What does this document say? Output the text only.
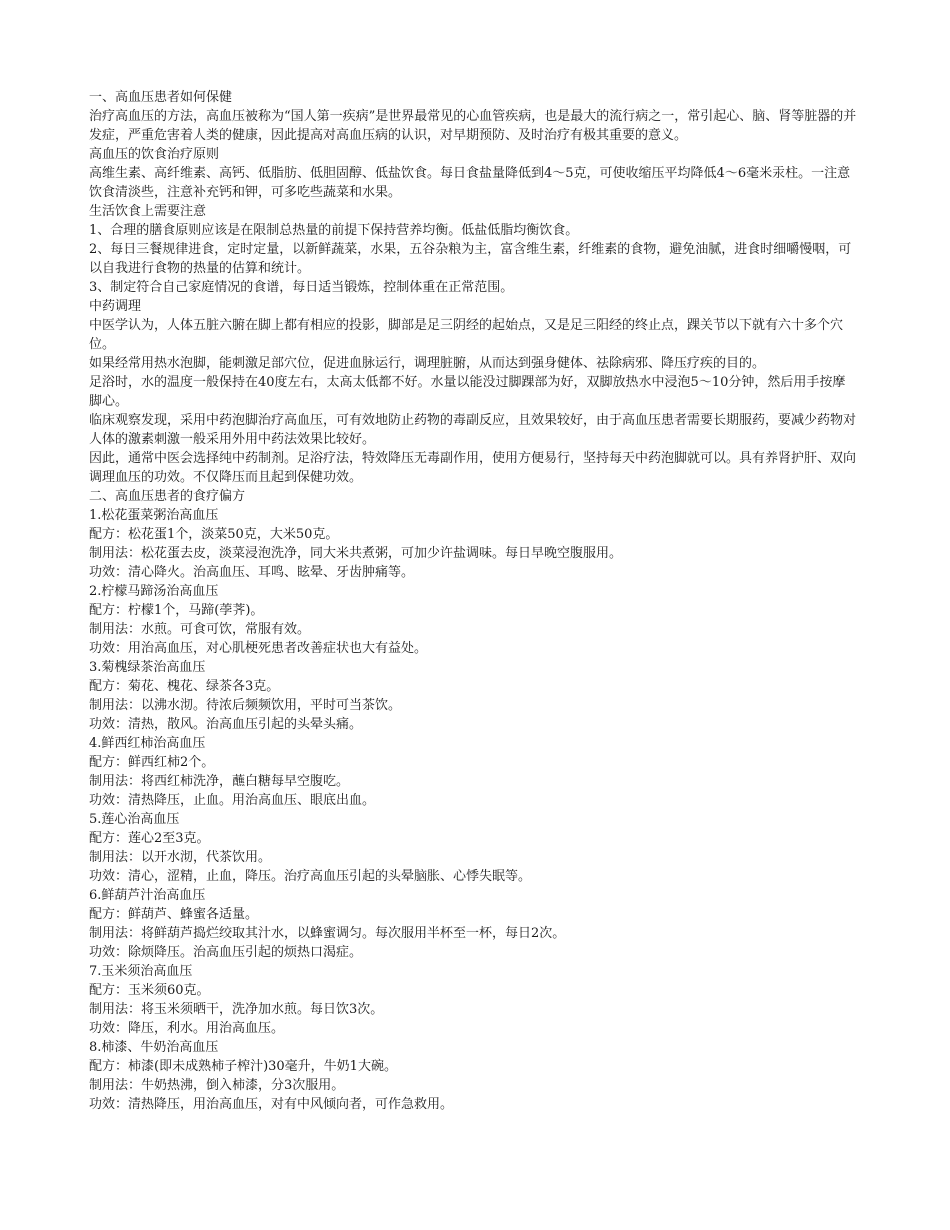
一、高血压患者如何保健

治疗高血压的方法，高血压被称为“国人第一疾病”是世界最常见的心血管疾病，也是最大的流行病之一，常引起心、脑、肾等脏器的并发症，严重危害着人类的健康，因此提高对高血压病的认识，对早期预防、及时治疗有极其重要的意义。

高血压的饮食治疗原则

高维生素、高纤维素、高钙、低脂肪、低胆固醇、低盐饮食。每日食盐量降低到4～5克，可使收缩压平均降低4～6毫米汞柱。一注意饮食清淡些，注意补充钙和钾，可多吃些蔬菜和水果。

生活饮食上需要注意

1、合理的膳食原则应该是在限制总热量的前提下保持营养均衡。低盐低脂均衡饮食。

2、每日三餐规律进食，定时定量，以新鲜蔬菜，水果，五谷杂粮为主，富含维生素，纤维素的食物，避免油腻，进食时细嚼慢咽，可以自我进行食物的热量的估算和统计。

3、制定符合自己家庭情况的食谱，每日适当锻炼，控制体重在正常范围。

中药调理

中医学认为，人体五脏六腑在脚上都有相应的投影，脚部是足三阴经的起始点，又是足三阳经的终止点，踝关节以下就有六十多个穴位。

如果经常用热水泡脚，能刺激足部穴位，促进血脉运行，调理脏腑，从而达到强身健体、祛除病邪、降压疗疾的目的。

足浴时，水的温度一般保持在40度左右，太高太低都不好。水量以能没过脚踝部为好，双脚放热水中浸泡5～10分钟，然后用手按摩脚心。

临床观察发现，采用中药泡脚治疗高血压，可有效地防止药物的毒副反应，且效果较好，由于高血压患者需要长期服药，要减少药物对人体的激素刺激一般采用外用中药法效果比较好。

因此，通常中医会选择纯中药制剂。足浴疗法，特效降压无毒副作用，使用方便易行，坚持每天中药泡脚就可以。具有养肾护肝、双向调理血压的功效。不仅降压而且起到保健功效。

二、高血压患者的食疗偏方

1.松花蛋菜粥治高血压

配方：松花蛋1个，淡菜50克，大米50克。

制用法：松花蛋去皮，淡菜浸泡洗净，同大米共煮粥，可加少许盐调味。每日早晚空腹服用。

功效：清心降火。治高血压、耳鸣、眩晕、牙齿肿痛等。

2.柠檬马蹄汤治高血压

配方：柠檬1个，马蹄(荸荠)。

制用法：水煎。可食可饮，常服有效。

功效：用治高血压，对心肌梗死患者改善症状也大有益处。

3.菊槐绿茶治高血压

配方：菊花、槐花、绿茶各3克。

制用法：以沸水沏。待浓后频频饮用，平时可当茶饮。

功效：清热，散风。治高血压引起的头晕头痛。

4.鲜西红柿治高血压

配方：鲜西红柿2个。

制用法：将西红柿洗净，蘸白糖每早空腹吃。

功效：清热降压，止血。用治高血压、眼底出血。

5.莲心治高血压

配方：莲心2至3克。

制用法：以开水沏，代茶饮用。

功效：清心，涩精，止血，降压。治疗高血压引起的头晕脑胀、心悸失眠等。

6.鲜葫芦汁治高血压

配方：鲜葫芦、蜂蜜各适量。

制用法：将鲜葫芦捣烂绞取其汁水，以蜂蜜调匀。每次服用半杯至一杯，每日2次。

功效：除烦降压。治高血压引起的烦热口渴症。

7.玉米须治高血压

配方：玉米须60克。

制用法：将玉米须晒干，洗净加水煎。每日饮3次。

功效：降压，利水。用治高血压。

8.柿漆、牛奶治高血压

配方：柿漆(即未成熟柿子榨汁)30毫升，牛奶1大碗。

制用法：牛奶热沸，倒入柿漆，分3次服用。

功效：清热降压，用治高血压，对有中风倾向者，可作急救用。
